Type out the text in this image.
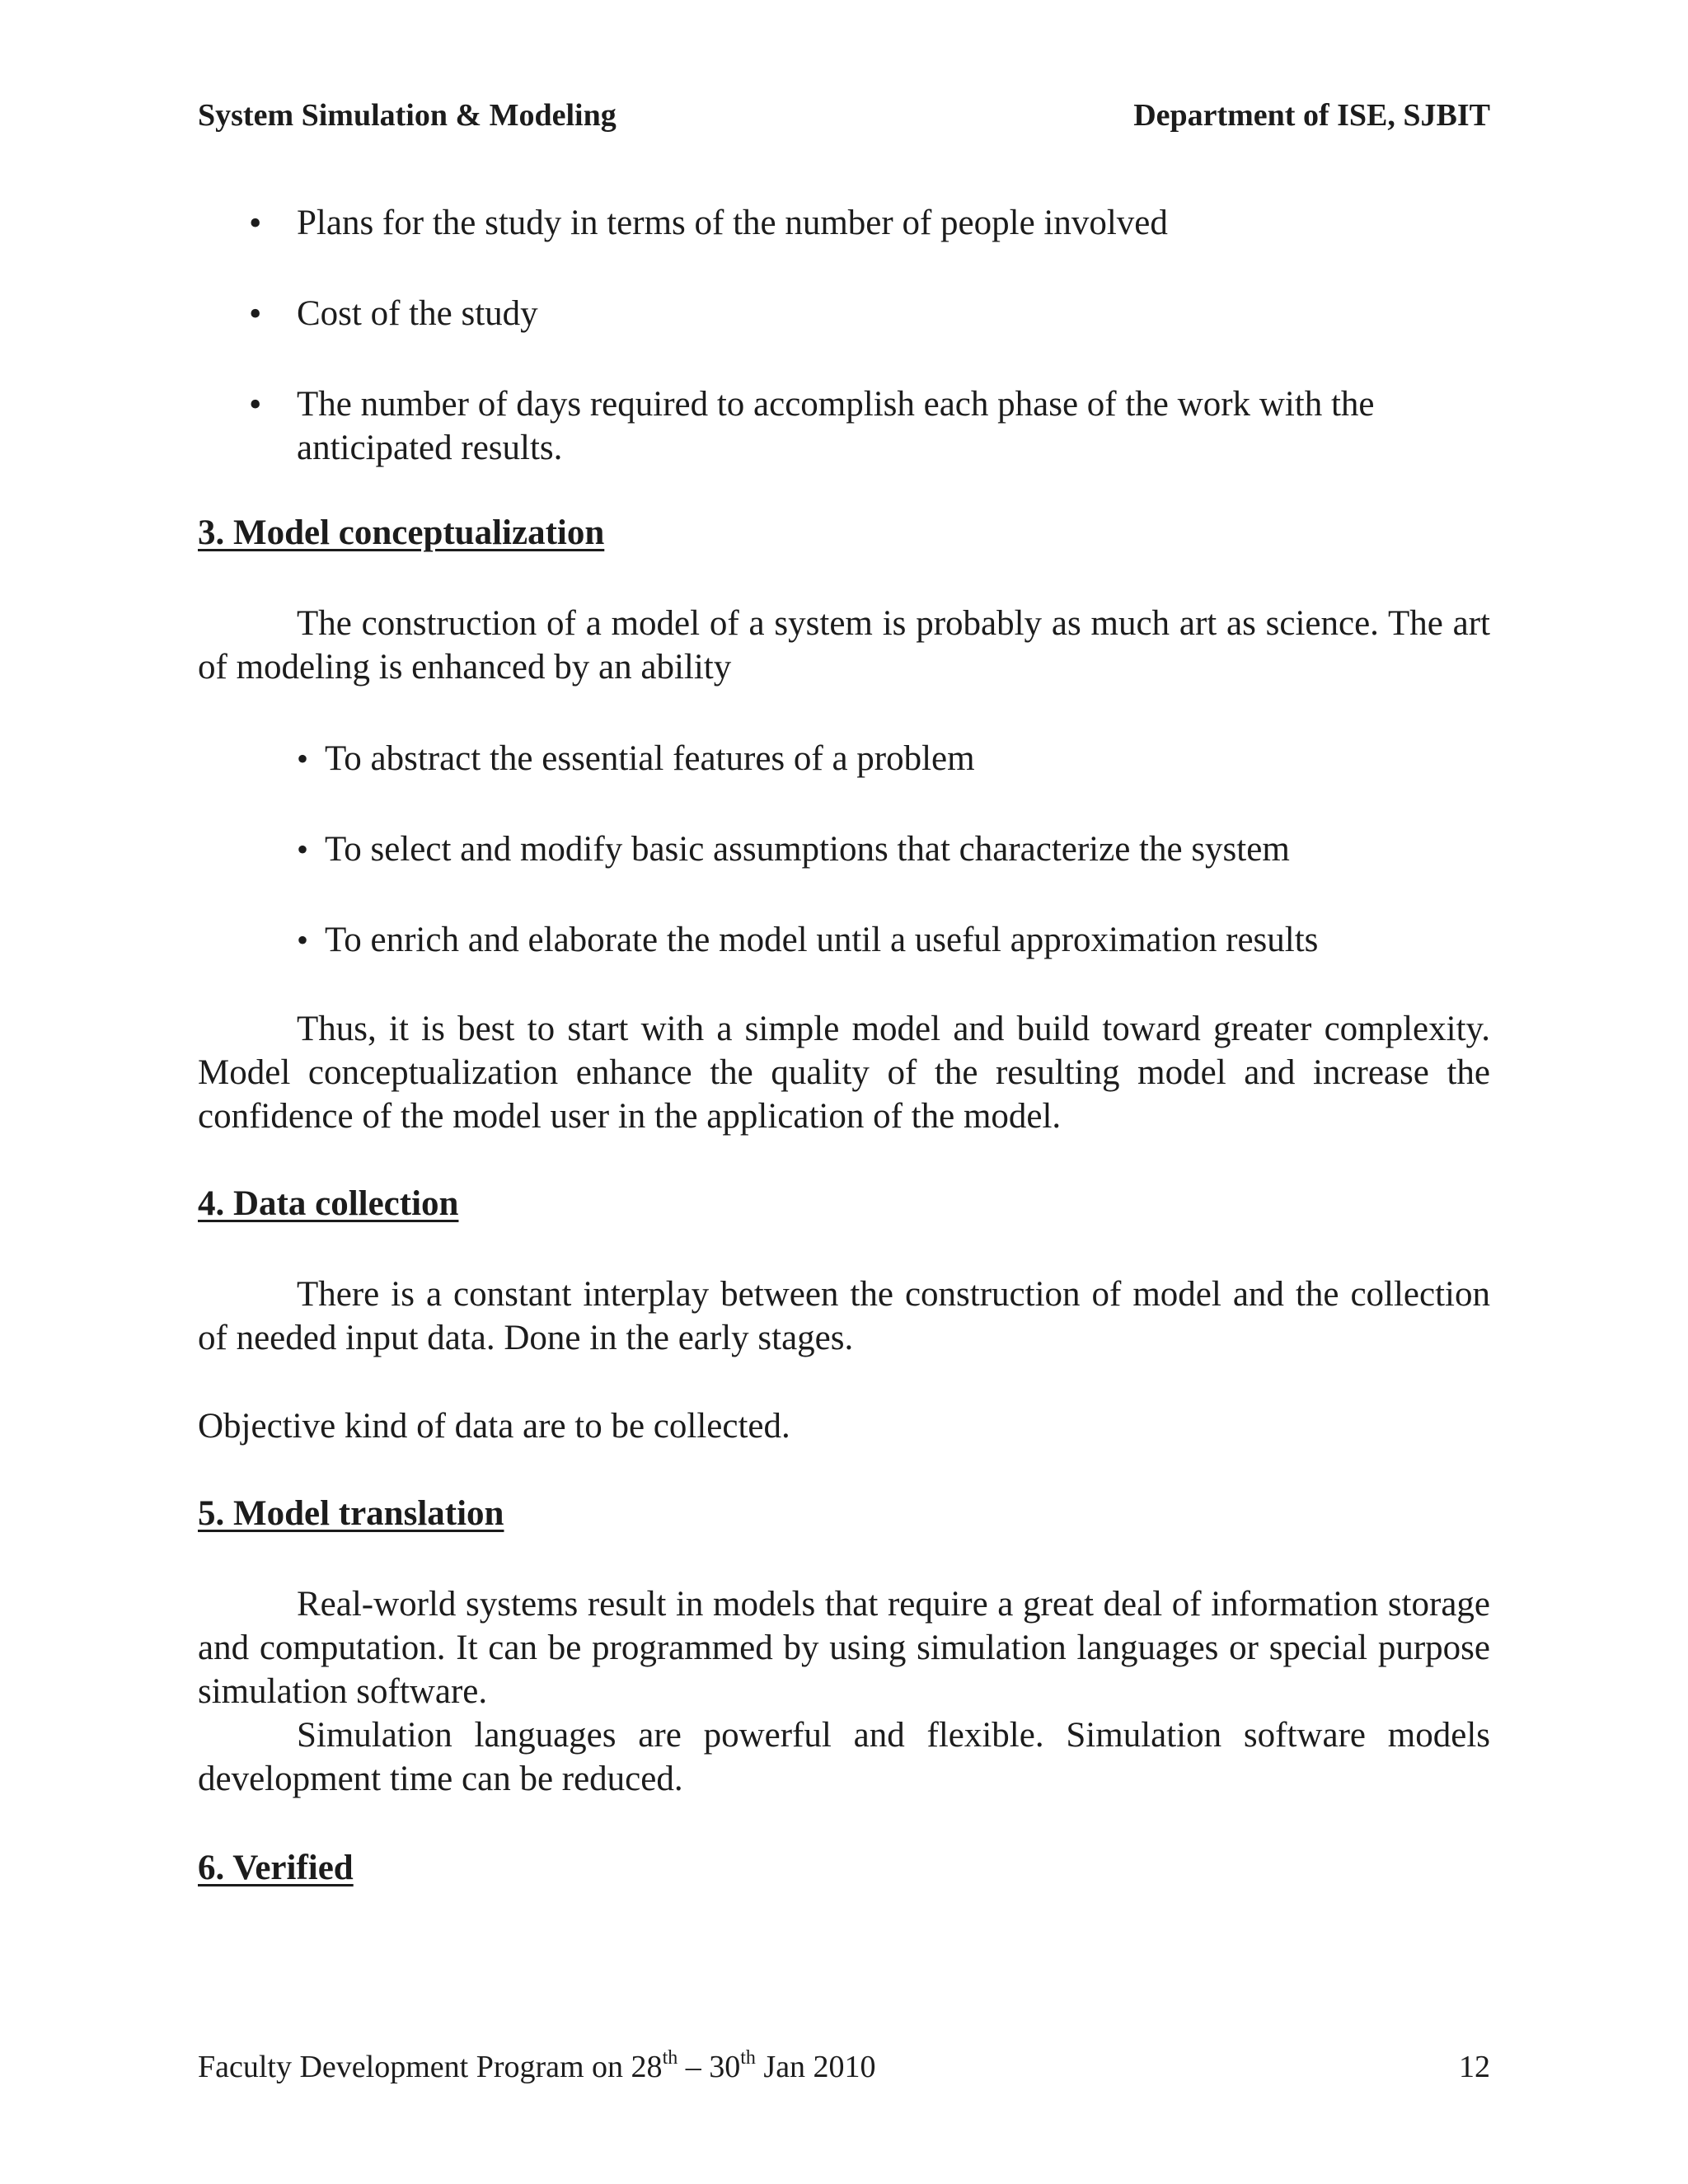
System Simulation & Modeling	Department of ISE, SJBIT
• Plans for the study in terms of the number of people involved
• Cost of the study
• The number of days required to accomplish each phase of the work with the anticipated results.
3. Model conceptualization
The construction of a model of a system is probably as much art as science. The art of modeling is enhanced by an ability
• To abstract the essential features of a problem
• To select and modify basic assumptions that characterize the system
• To enrich and elaborate the model until a useful approximation results
Thus, it is best to start with a simple model and build toward greater complexity. Model conceptualization enhance the quality of the resulting model and increase the confidence of the model user in the application of the model.
4. Data collection
There is a constant interplay between the construction of model and the collection of needed input data. Done in the early stages.
Objective kind of data are to be collected.
5. Model translation
Real-world systems result in models that require a great deal of information storage and computation. It can be programmed by using simulation languages or special purpose simulation software.
Simulation languages are powerful and flexible. Simulation software models development time can be reduced.
6. Verified
Faculty Development Program on 28th – 30th Jan 2010	12
